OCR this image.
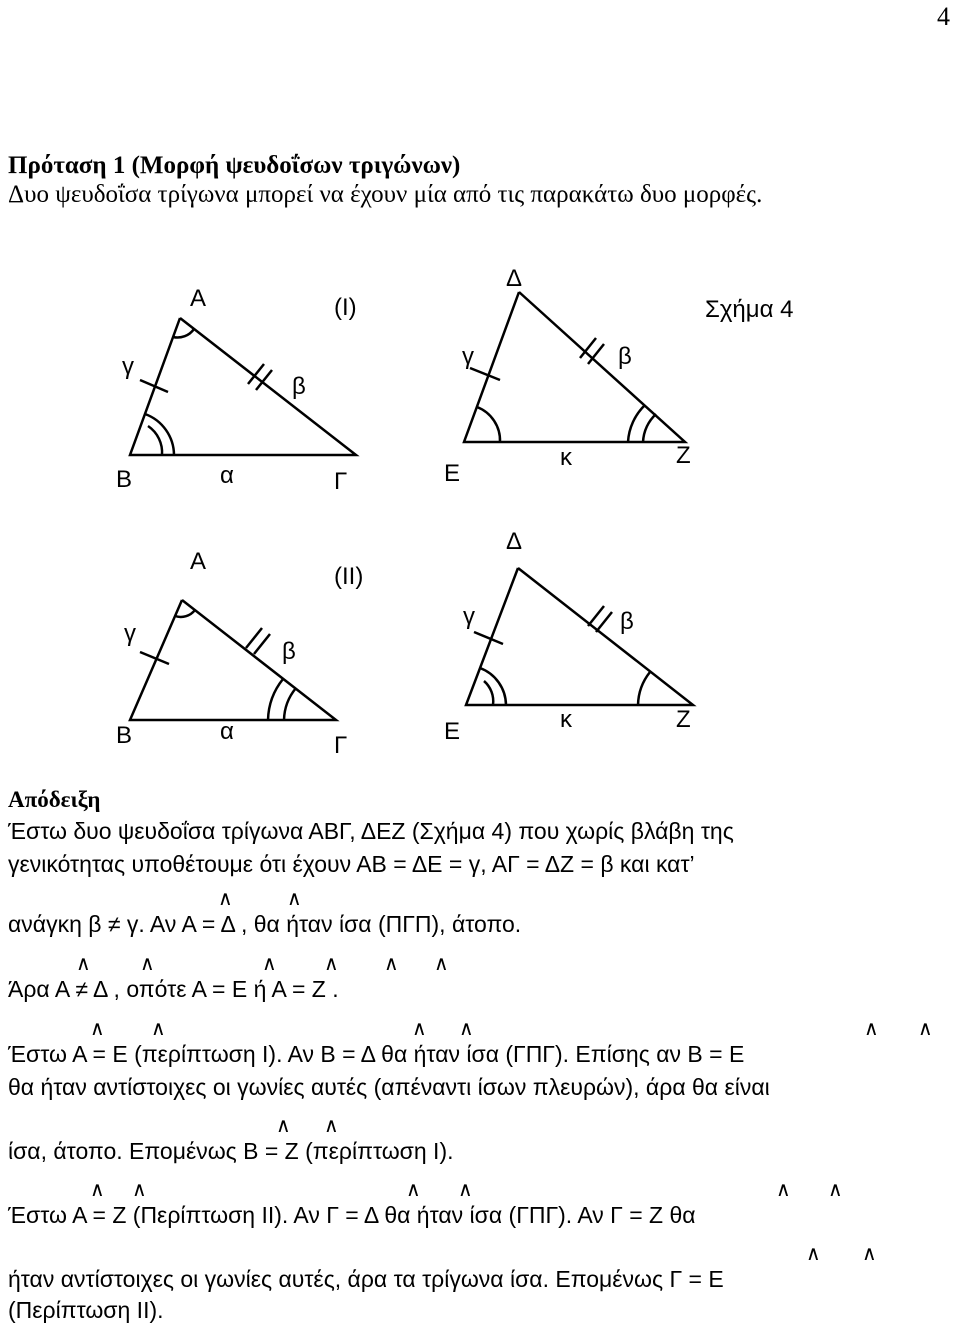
4
Πρόταση 1 (Μορφή ψευδοΐσων τριγώνων)
Δυο ψευδοΐσα τρίγωνα μπορεί να έχουν μία από τις παρακάτω δυο μορφές.
Α	(Ι)
Δ
Σχήμα 4
γ
β
γ	β
Β	α	Γ	Ε
κ	Ζ
Α
Δ
(ΙΙ)
γ
γ	β
β
Β	α
Γ
Ε	κ	Ζ
Απόδειξη
Έστω δυο ψευδοΐσα τρίγωνα ΑΒΓ, ΔΕΖ (Σχήμα 4) που χωρίς βλάβη της
γενικότητας υποθέτουμε ότι έχουν ΑΒ = ΔΕ = γ, ΑΓ = ΔΖ = β και κατ’
ανάγκη β ≠ γ. Αν Α = Δ , θα ήταν ίσα (ΠΓΠ), άτοπο.
Άρα Α ≠ Δ , οπότε Α = Ε ή Α = Ζ .
Έστω Α = Ε (περίπτωση Ι). Αν Β = Δ θα ήταν ίσα (ΓΠΓ). Επίσης αν Β = Ε
θα ήταν αντίστοιχες οι γωνίες αυτές (απέναντι ίσων πλευρών), άρα θα είναι
ίσα, άτοπο. Επομένως Β = Ζ (περίπτωση Ι).
Έστω Α = Ζ (Περίπτωση ΙΙ). Αν Γ = Δ θα ήταν ίσα (ΓΠΓ). Αν Γ = Ζ θα
ήταν αντίστοιχες οι γωνίες αυτές, άρα τα τρίγωνα ίσα. Επομένως Γ = Ε
(Περίπτωση ΙΙ).
∧	∧
∧ ∧	∧ ∧ ∧ ∧
∧ ∧	∧ ∧	∧ ∧
∧ ∧
∧ ∧	∧ ∧	∧ ∧
∧ ∧
